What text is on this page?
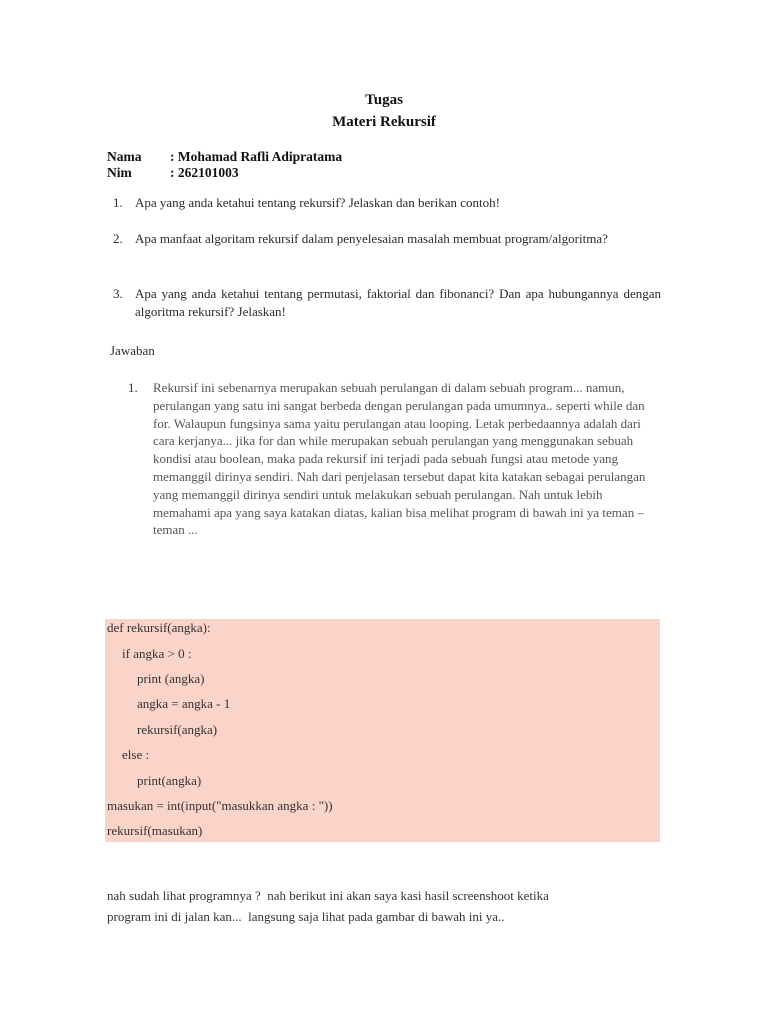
Tugas
Materi Rekursif
Nama : Mohamad Rafli Adipratama
Nim	: 262101003
1. Apa yang anda ketahui tentang rekursif? Jelaskan dan berikan contoh!
2. Apa manfaat algoritam rekursif dalam penyelesaian masalah membuat program/algoritma?
3. Apa yang anda ketahui tentang permutasi, faktorial dan fibonanci? Dan apa hubungannya dengan algoritma rekursif? Jelaskan!
Jawaban
1. Rekursif ini sebenarnya merupakan sebuah perulangan di dalam sebuah program... namun, perulangan yang satu ini sangat berbeda dengan perulangan pada umumnya.. seperti while dan for. Walaupun fungsinya sama yaitu perulangan atau looping. Letak perbedaannya adalah dari cara kerjanya... jika for dan while merupakan sebuah perulangan yang menggunakan sebuah kondisi atau boolean, maka pada rekursif ini terjadi pada sebuah fungsi atau metode yang memanggil dirinya sendiri. Nah dari penjelasan tersebut dapat kita katakan sebagai perulangan yang memanggil dirinya sendiri untuk melakukan sebuah perulangan. Nah untuk lebih memahami apa yang saya katakan diatas, kalian bisa melihat program di bawah ini ya teman – teman ...
def rekursif(angka):
if angka > 0 :
print (angka)
angka = angka - 1
rekursif(angka)
else :
print(angka)
masukan = int(input("masukkan angka : "))
rekursif(masukan)
nah sudah lihat programnya ?  nah berikut ini akan saya kasi hasil screenshoot ketika
program ini di jalan kan...  langsung saja lihat pada gambar di bawah ini ya..
